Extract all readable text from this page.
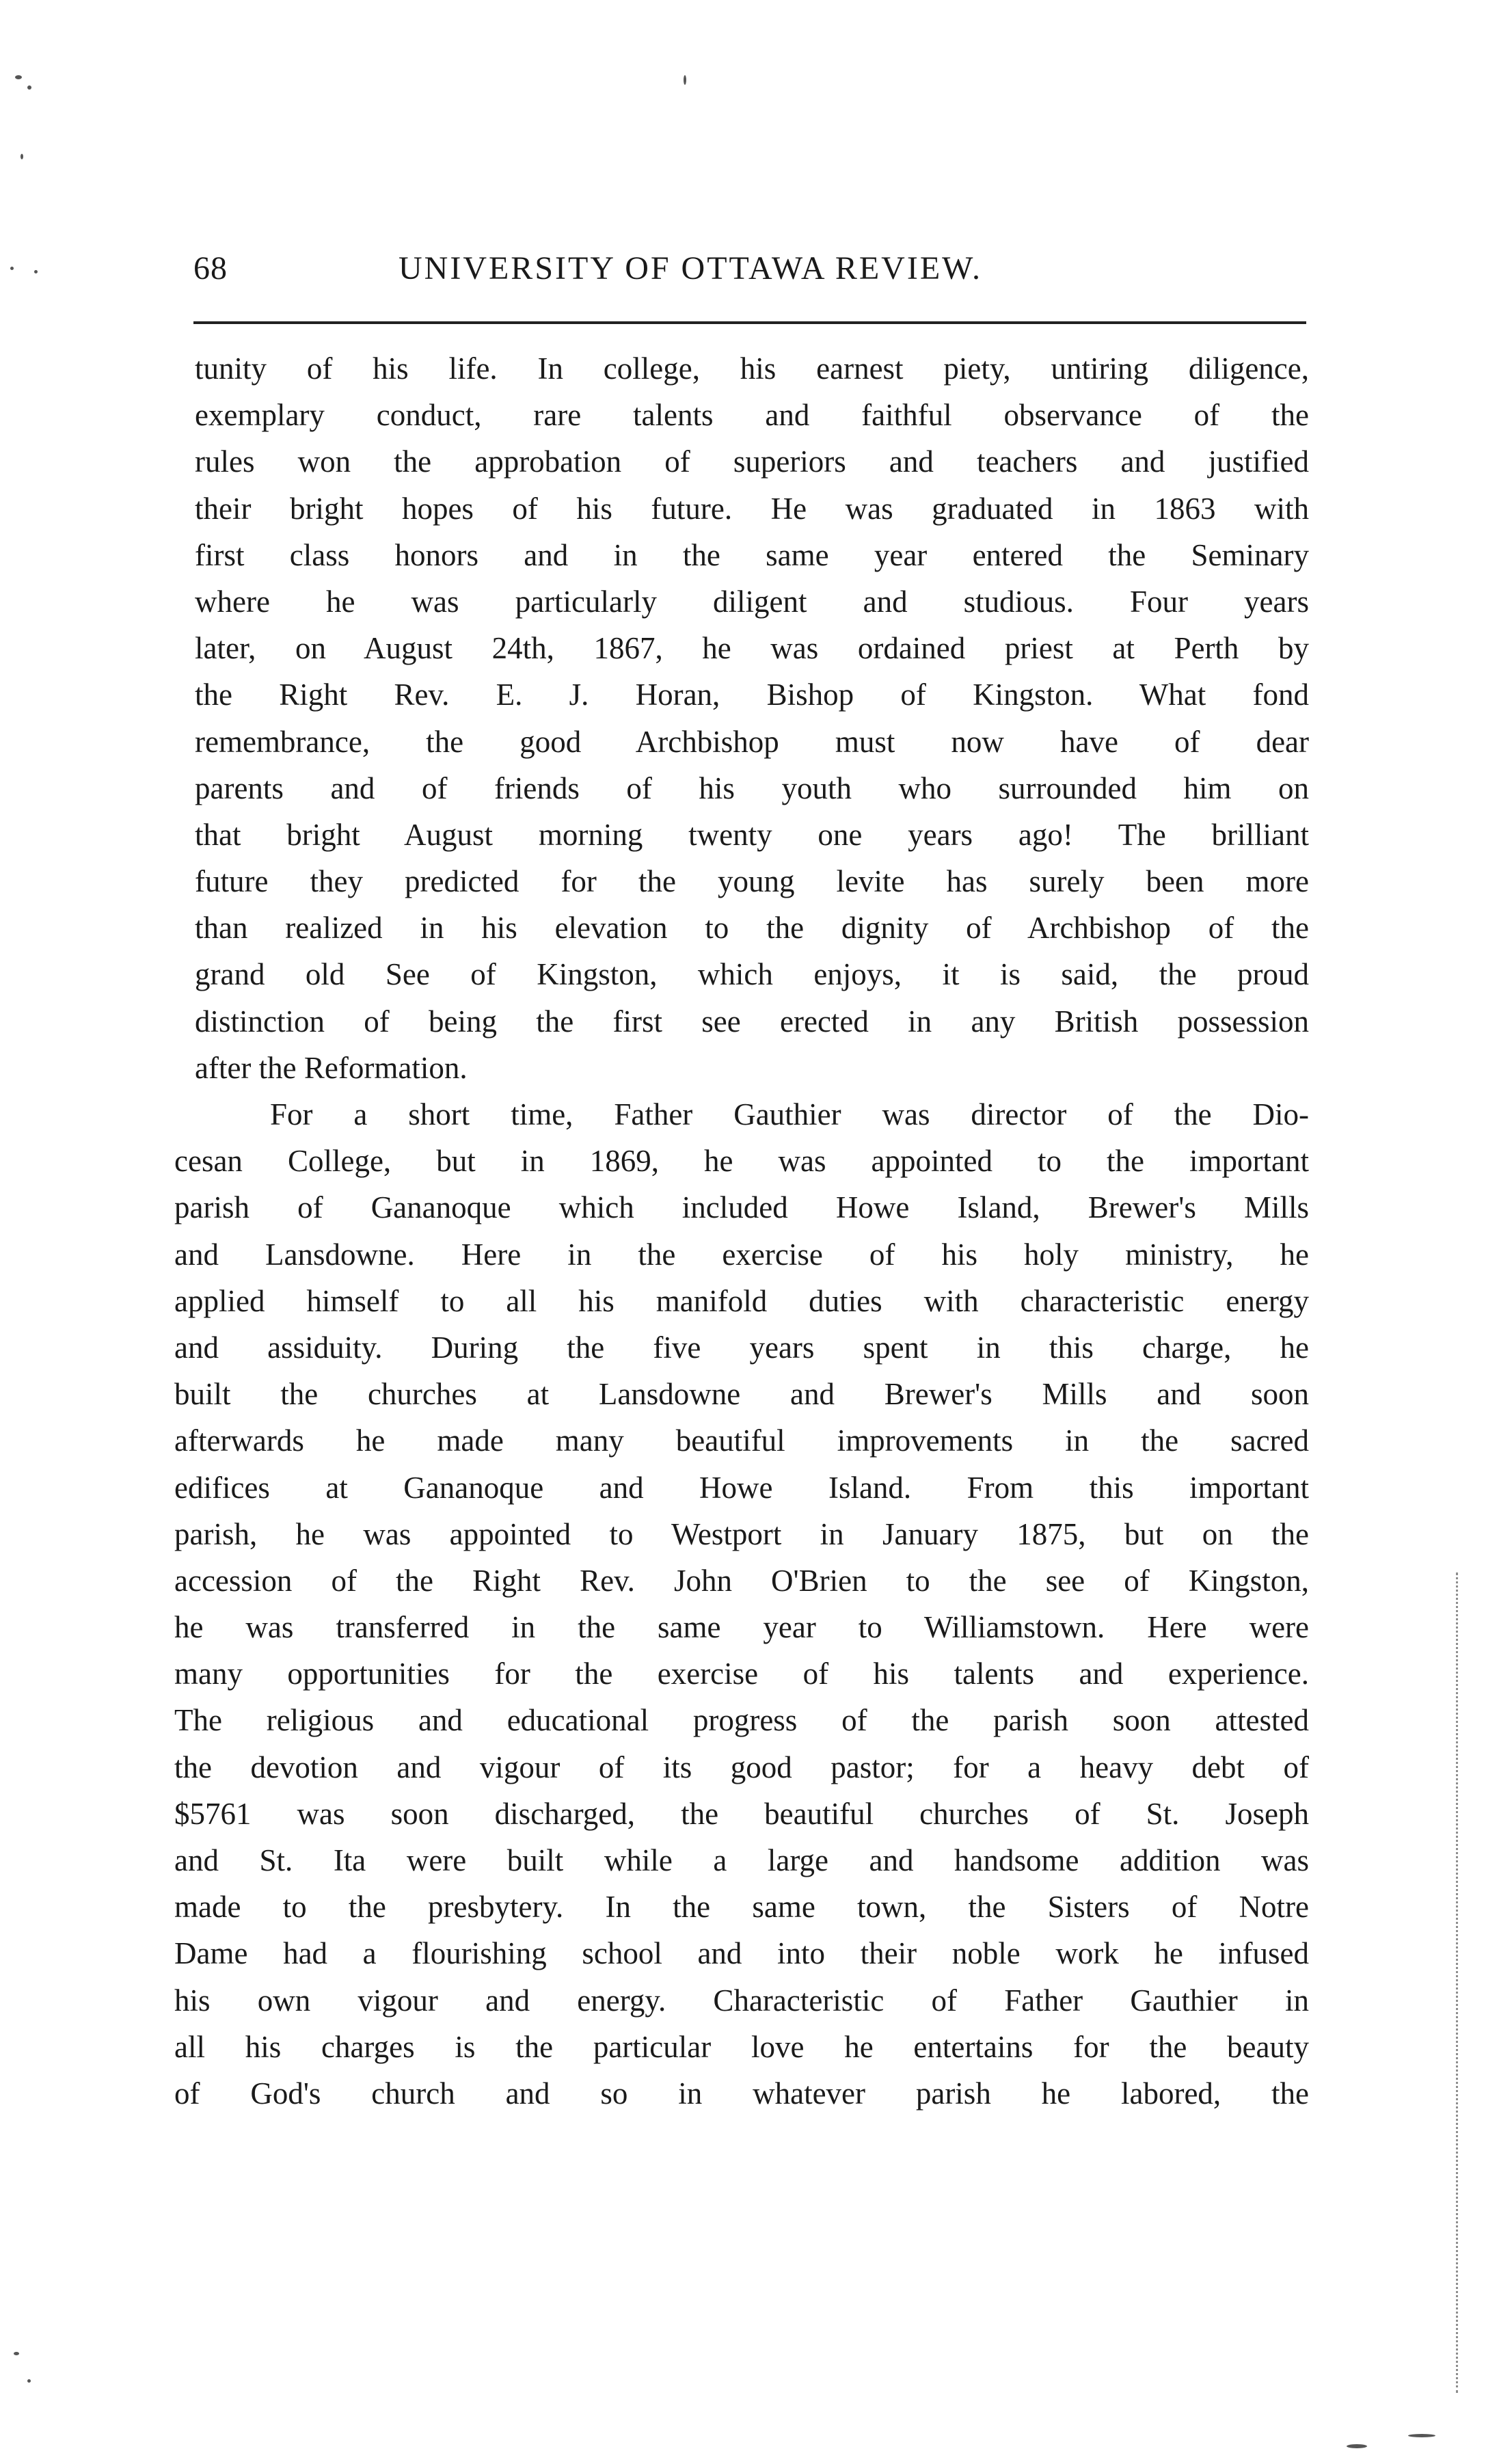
68	UNIVERSITY OF OTTAWA REVIEW.
tunity of his life. In college, his earnest piety, untiring diligence,
exemplary conduct, rare talents and faithful observance of the
rules won the approbation of superiors and teachers and justified
their bright hopes of his future. He was graduated in 1863 with
first class honors and in the same year entered the Seminary
where he was particularly diligent and studious. Four years
later, on August 24th, 1867, he was ordained priest at Perth by
the Right Rev. E. J. Horan, Bishop of Kingston. What fond
remembrance, the good Archbishop must now have of dear
parents and of friends of his youth who surrounded him on
that bright August morning twenty one years ago! The brilliant
future they predicted for the young levite has surely been more
than realized in his elevation to the dignity of Archbishop of the
grand old See of Kingston, which enjoys, it is said, the proud
distinction of being the first see erected in any British possession
after the Reformation.
For a short time, Father Gauthier was director of the Dio-
cesan College, but in 1869, he was appointed to the important
parish of Gananoque which included Howe Island, Brewer's Mills
and Lansdowne. Here in the exercise of his holy ministry, he
applied himself to all his manifold duties with characteristic energy
and assiduity. During the five years spent in this charge, he
built the churches at Lansdowne and Brewer's Mills and soon
afterwards he made many beautiful improvements in the sacred
edifices at Gananoque and Howe Island. From this important
parish, he was appointed to Westport in January 1875, but on the
accession of the Right Rev. John O'Brien to the see of Kingston,
he was transferred in the same year to Williamstown. Here were
many opportunities for the exercise of his talents and experience.
The religious and educational progress of the parish soon attested
the devotion and vigour of its good pastor; for a heavy debt of
$5761 was soon discharged, the beautiful churches of St. Joseph
and St. Ita were built while a large and handsome addition was
made to the presbytery. In the same town, the Sisters of Notre
Dame had a flourishing school and into their noble work he infused
his own vigour and energy. Characteristic of Father Gauthier in
all his charges is the particular love he entertains for the beauty
of God's church and so in whatever parish he labored, the
